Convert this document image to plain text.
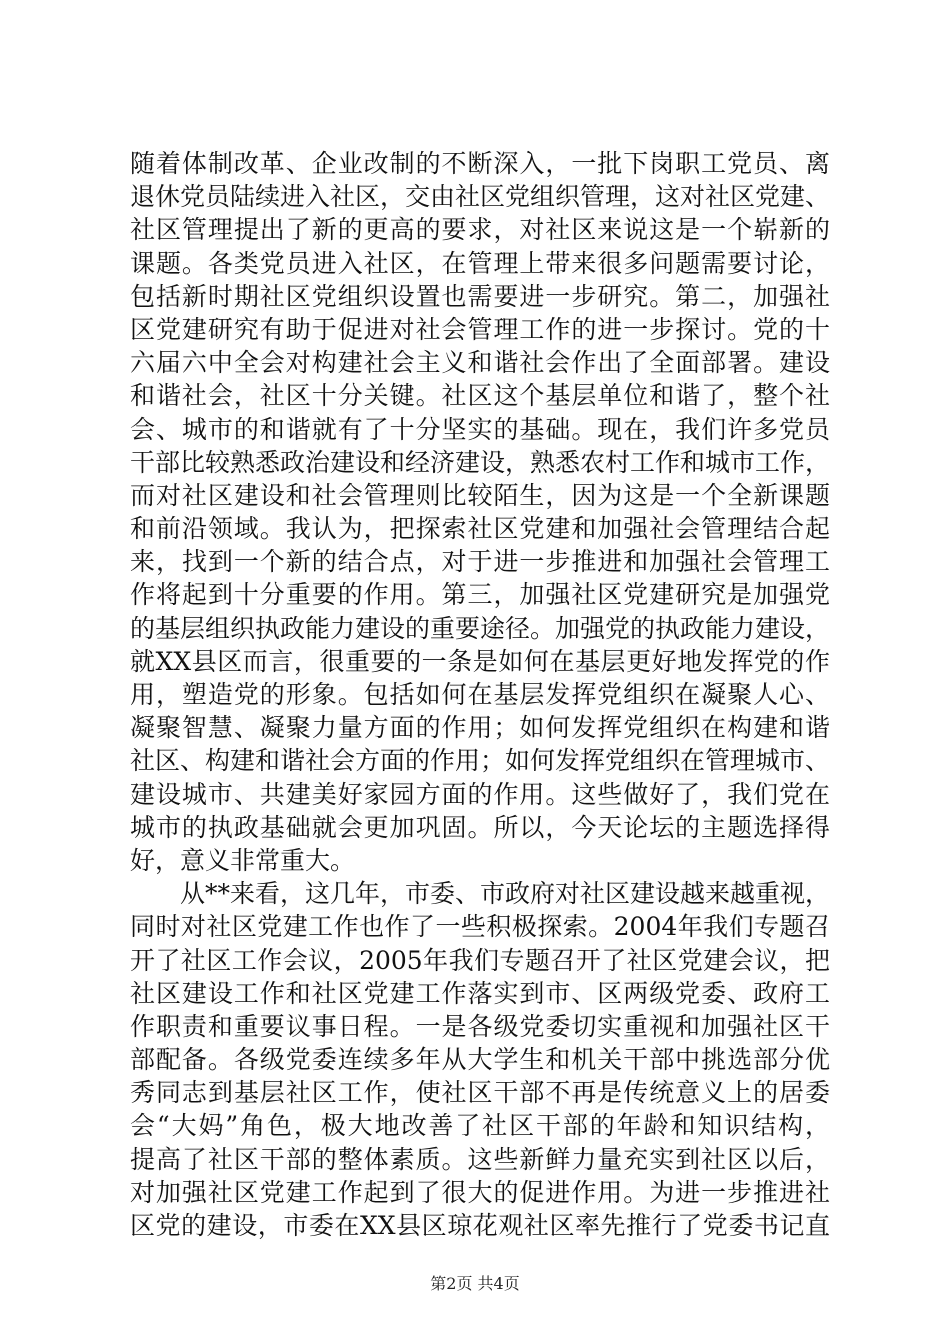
随着体制改革、企业改制的不断深入，一批下岗职工党员、离
退休党员陆续进入社区，交由社区党组织管理，这对社区党建、
社区管理提出了新的更高的要求，对社区来说这是一个崭新的
课题。各类党员进入社区，在管理上带来很多问题需要讨论，
包括新时期社区党组织设置也需要进一步研究。第二，加强社
区党建研究有助于促进对社会管理工作的进一步探讨。党的十
六届六中全会对构建社会主义和谐社会作出了全面部署。建设
和谐社会，社区十分关键。社区这个基层单位和谐了，整个社
会、城市的和谐就有了十分坚实的基础。现在，我们许多党员
干部比较熟悉政治建设和经济建设，熟悉农村工作和城市工作，
而对社区建设和社会管理则比较陌生，因为这是一个全新课题
和前沿领域。我认为，把探索社区党建和加强社会管理结合起
来，找到一个新的结合点，对于进一步推进和加强社会管理工
作将起到十分重要的作用。第三，加强社区党建研究是加强党
的基层组织执政能力建设的重要途径。加强党的执政能力建设，
就XX县区而言，很重要的一条是如何在基层更好地发挥党的作
用，塑造党的形象。包括如何在基层发挥党组织在凝聚人心、
凝聚智慧、凝聚力量方面的作用；如何发挥党组织在构建和谐
社区、构建和谐社会方面的作用；如何发挥党组织在管理城市、
建设城市、共建美好家园方面的作用。这些做好了，我们党在
城市的执政基础就会更加巩固。所以，今天论坛的主题选择得
好，意义非常重大。
从**来看，这几年，市委、市政府对社区建设越来越重视，
同时对社区党建工作也作了一些积极探索。2004年我们专题召
开了社区工作会议，2005年我们专题召开了社区党建会议，把
社区建设工作和社区党建工作落实到市、区两级党委、政府工
作职责和重要议事日程。一是各级党委切实重视和加强社区干
部配备。各级党委连续多年从大学生和机关干部中挑选部分优
秀同志到基层社区工作，使社区干部不再是传统意义上的居委
会“大妈”角色，极大地改善了社区干部的年龄和知识结构，
提高了社区干部的整体素质。这些新鲜力量充实到社区以后，
对加强社区党建工作起到了很大的促进作用。为进一步推进社
区党的建设，市委在XX县区琼花观社区率先推行了党委书记直
第2页 共4页
